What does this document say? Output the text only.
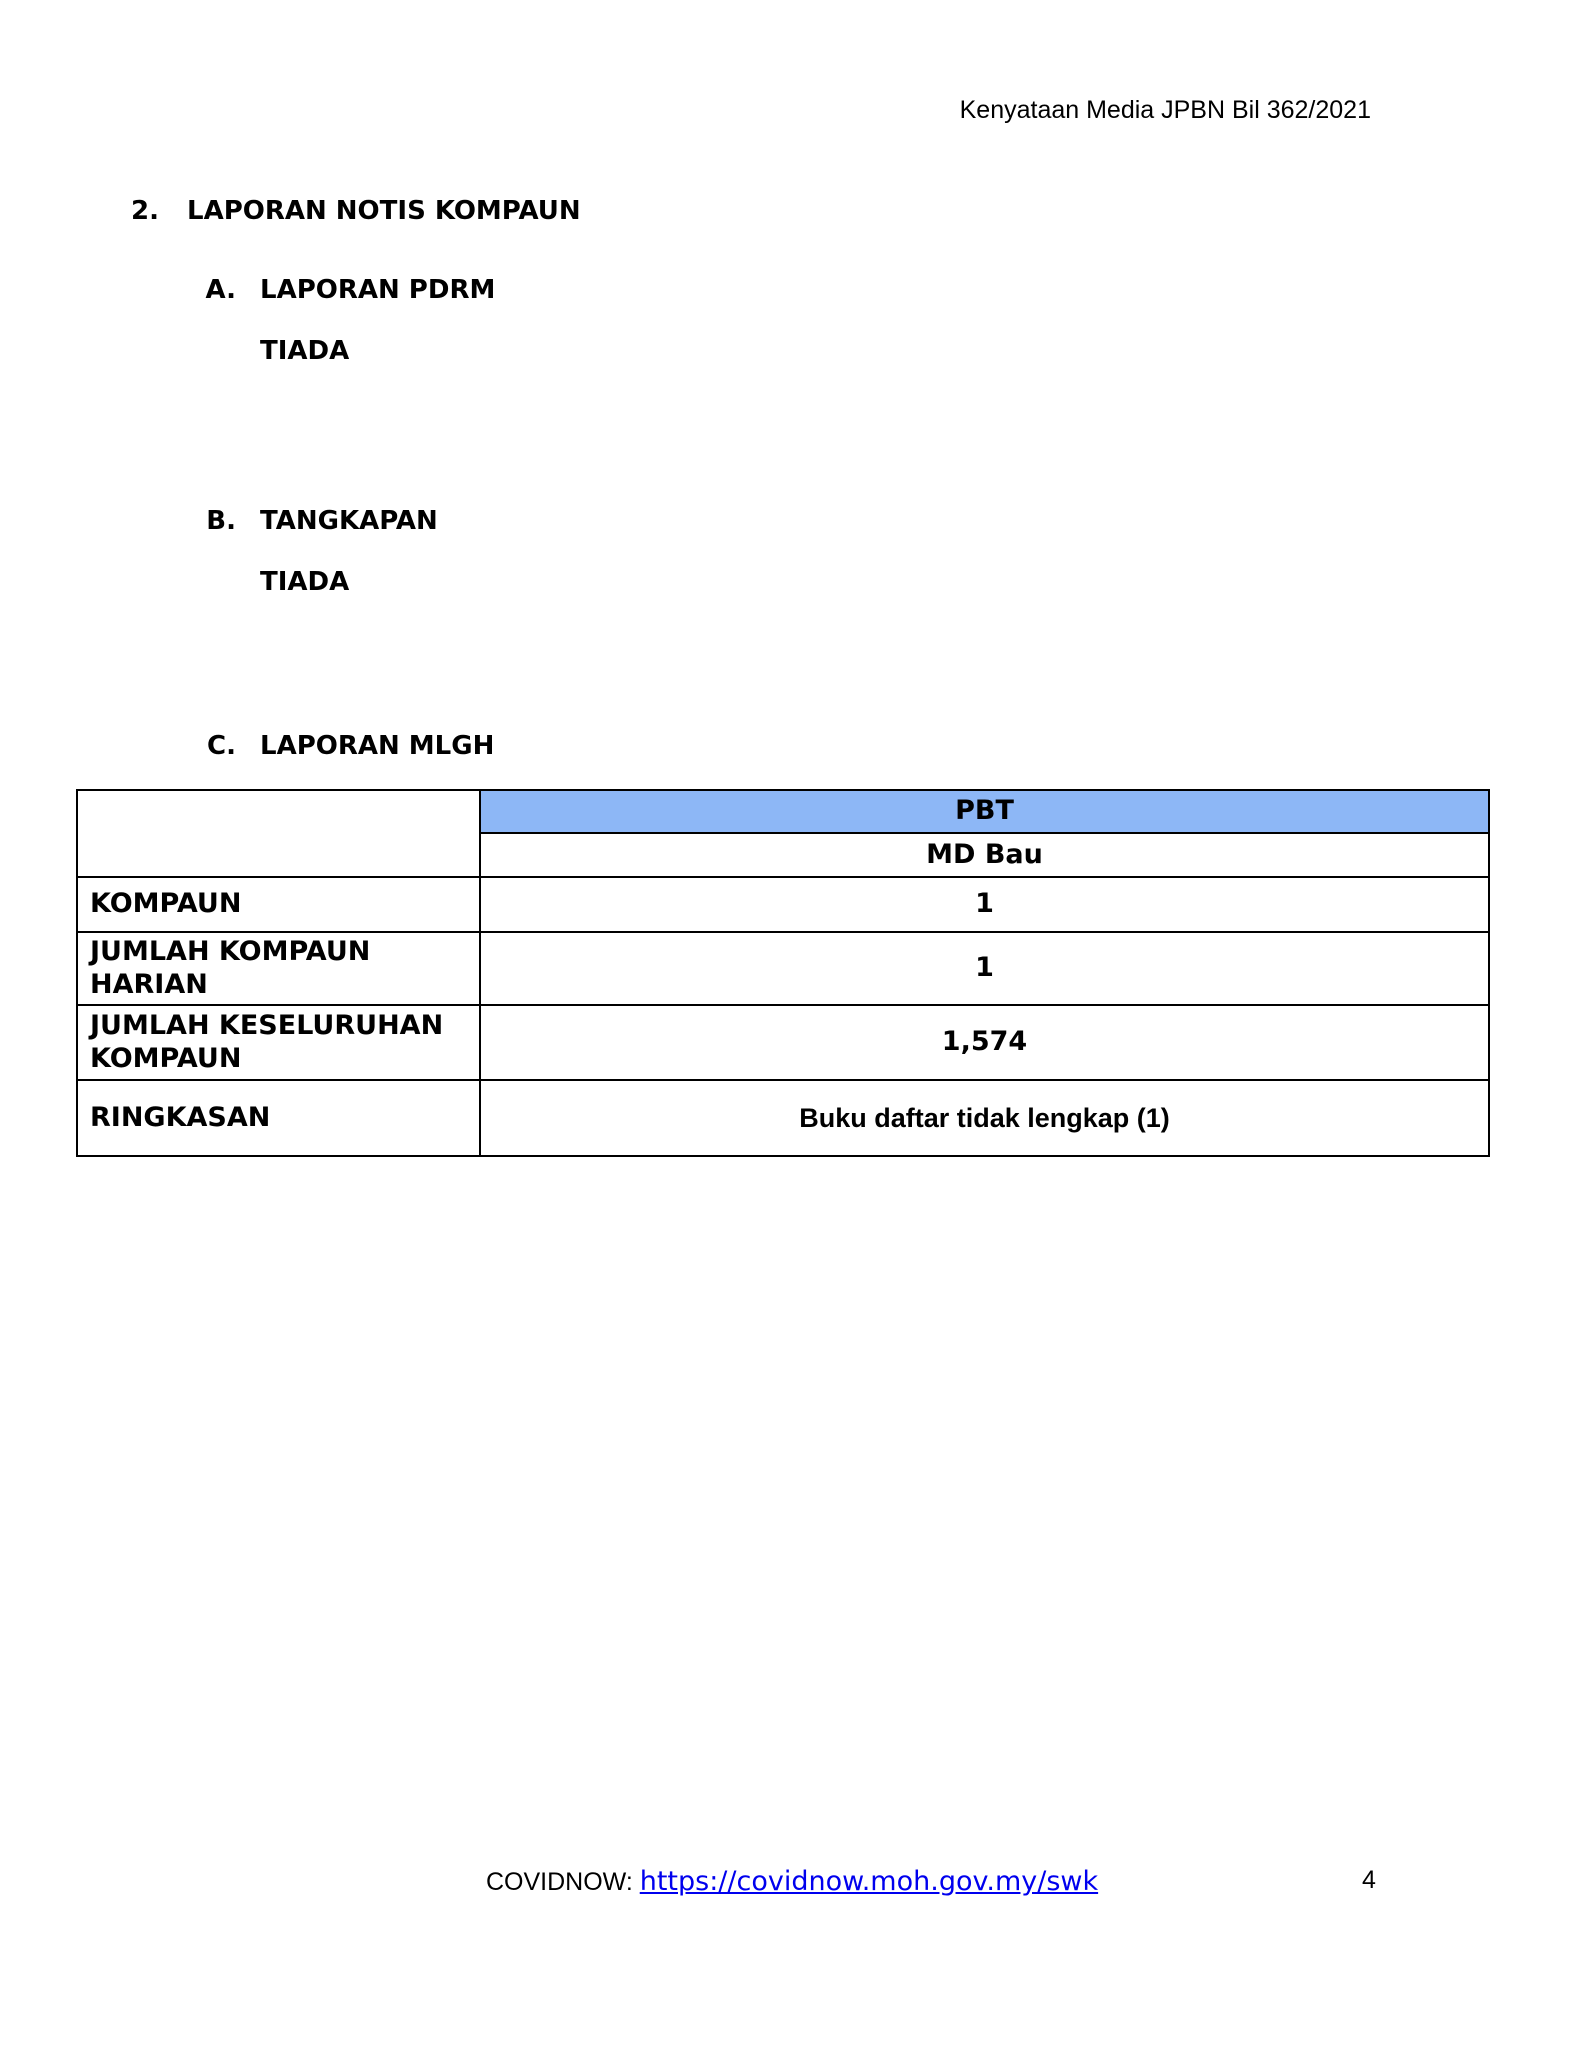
Kenyataan Media JPBN Bil 362/2021
2. LAPORAN NOTIS KOMPAUN
A. LAPORAN PDRM
TIADA
B. TANGKAPAN
TIADA
C. LAPORAN MLGH
	PBT
	MD Bau
KOMPAUN	1
JUMLAH KOMPAUN HARIAN	1
JUMLAH KESELURUHAN KOMPAUN	1,574
RINGKASAN	Buku daftar tidak lengkap (1)
COVIDNOW: https://covidnow.moh.gov.my/swk	4
